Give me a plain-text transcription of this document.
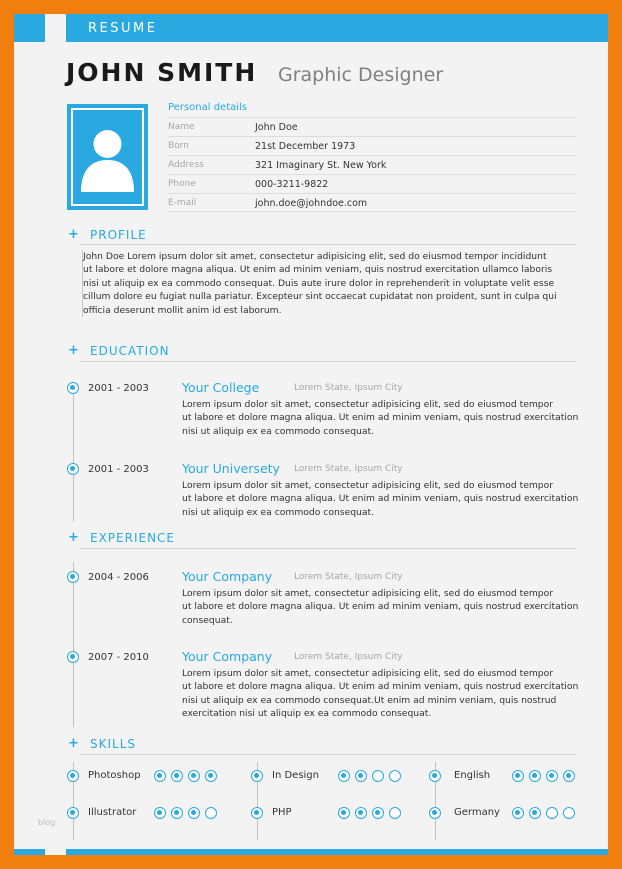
RESUME
JOHN SMITH Graphic Designer
Personal details
Name	John Doe
Born	21st December 1973
Address	321 Imaginary St. New York
Phone	000-3211-9822
E-mail	john.doe@johndoe.com
+ PROFILE
John Doe Lorem ipsum dolor sit amet, consectetur adipisicing elit, sed do eiusmod tempor incididunt
ut labore et dolore magna aliqua. Ut enim ad minim veniam, quis nostrud exercitation ullamco laboris
nisi ut aliquip ex ea commodo consequat. Duis aute irure dolor in reprehenderit in voluptate velit esse
cillum dolore eu fugiat nulla pariatur. Excepteur sint occaecat cupidatat non proident, sunt in culpa qui
officia deserunt mollit anim id est laborum.
+ EDUCATION
2001 - 2003	Your College	Lorem State, Ipsum City
Lorem ipsum dolor sit amet, consectetur adipisicing elit, sed do eiusmod tempor
ut labore et dolore magna aliqua. Ut enim ad minim veniam, quis nostrud exercitation
nisi ut aliquip ex ea commodo consequat.
2001 - 2003	Your Universety Lorem State, Ipsum City
Lorem ipsum dolor sit amet, consectetur adipisicing elit, sed do eiusmod tempor
ut labore et dolore magna aliqua. Ut enim ad minim veniam, quis nostrud exercitation
nisi ut aliquip ex ea commodo consequat.
+ EXPERIENCE
2004 - 2006	Your Company Lorem State, Ipsum City
Lorem ipsum dolor sit amet, consectetur adipisicing elit, sed do eiusmod tempor
ut labore et dolore magna aliqua. Ut enim ad minim veniam, quis nostrud exercitation
consequat.
2007 - 2010	Your Company Lorem State, Ipsum City
Lorem ipsum dolor sit amet, consectetur adipisicing elit, sed do eiusmod tempor
ut labore et dolore magna aliqua. Ut enim ad minim veniam, quis nostrud exercitation
nisi ut aliquip ex ea commodo consequat.Ut enim ad minim veniam, quis nostrud
exercitation nisi ut aliquip ex ea commodo consequat.
+ SKILLS
Photoshop	In Design	English
Illustrator	PHP	Germany
blog
